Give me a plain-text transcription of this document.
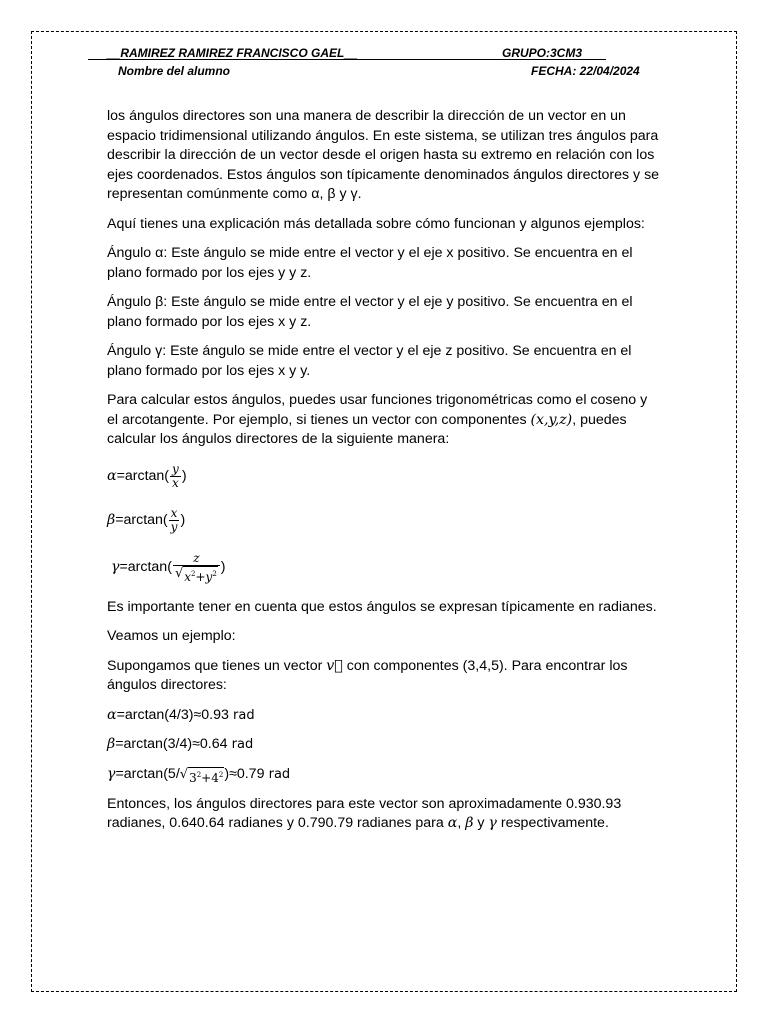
__RAMIREZ RAMIREZ FRANCISCO GAEL__	GRUPO:3CM3
Nombre del alumno	FECHA: 22/04/2024

los ángulos directores son una manera de describir la dirección de un vector en un espacio tridimensional utilizando ángulos. En este sistema, se utilizan tres ángulos para describir la dirección de un vector desde el origen hasta su extremo en relación con los ejes coordenados. Estos ángulos son típicamente denominados ángulos directores y se representan comúnmente como α, β y γ.

Aquí tienes una explicación más detallada sobre cómo funcionan y algunos ejemplos:

Ángulo α: Este ángulo se mide entre el vector y el eje x positivo. Se encuentra en el plano formado por los ejes y y z.

Ángulo β: Este ángulo se mide entre el vector y el eje y positivo. Se encuentra en el plano formado por los ejes x y z.

Ángulo γ: Este ángulo se mide entre el vector y el eje z positivo. Se encuentra en el plano formado por los ejes x y y.

Para calcular estos ángulos, puedes usar funciones trigonométricas como el coseno y el arcotangente. Por ejemplo, si tienes un vector con componentes (x,y,z), puedes calcular los ángulos directores de la siguiente manera:

$\alpha =\arctan( \frac{y}{x}$ )
$\beta =\arctan( \frac{x}{y}$ )
$\gamma =\arctan( \frac{z}{√ x^2+y^2}$ )

Es importante tener en cuenta que estos ángulos se expresan típicamente en radianes.

Veamos un ejemplo:

Supongamos que tienes un vector v⃗ con componentes (3,4,5). Para encontrar los ángulos directores:

α=arctan(4/3)≈0.93 rad

β=arctan(3/4)≈0.64 rad

γ=arctan(5/ √ $3^2+4^2$ )≈0.79 rad

Entonces, los ángulos directores para este vector son aproximadamente 0.930.93 radianes, 0.640.64 radianes y 0.790.79 radianes para α, β y γ respectivamente.
